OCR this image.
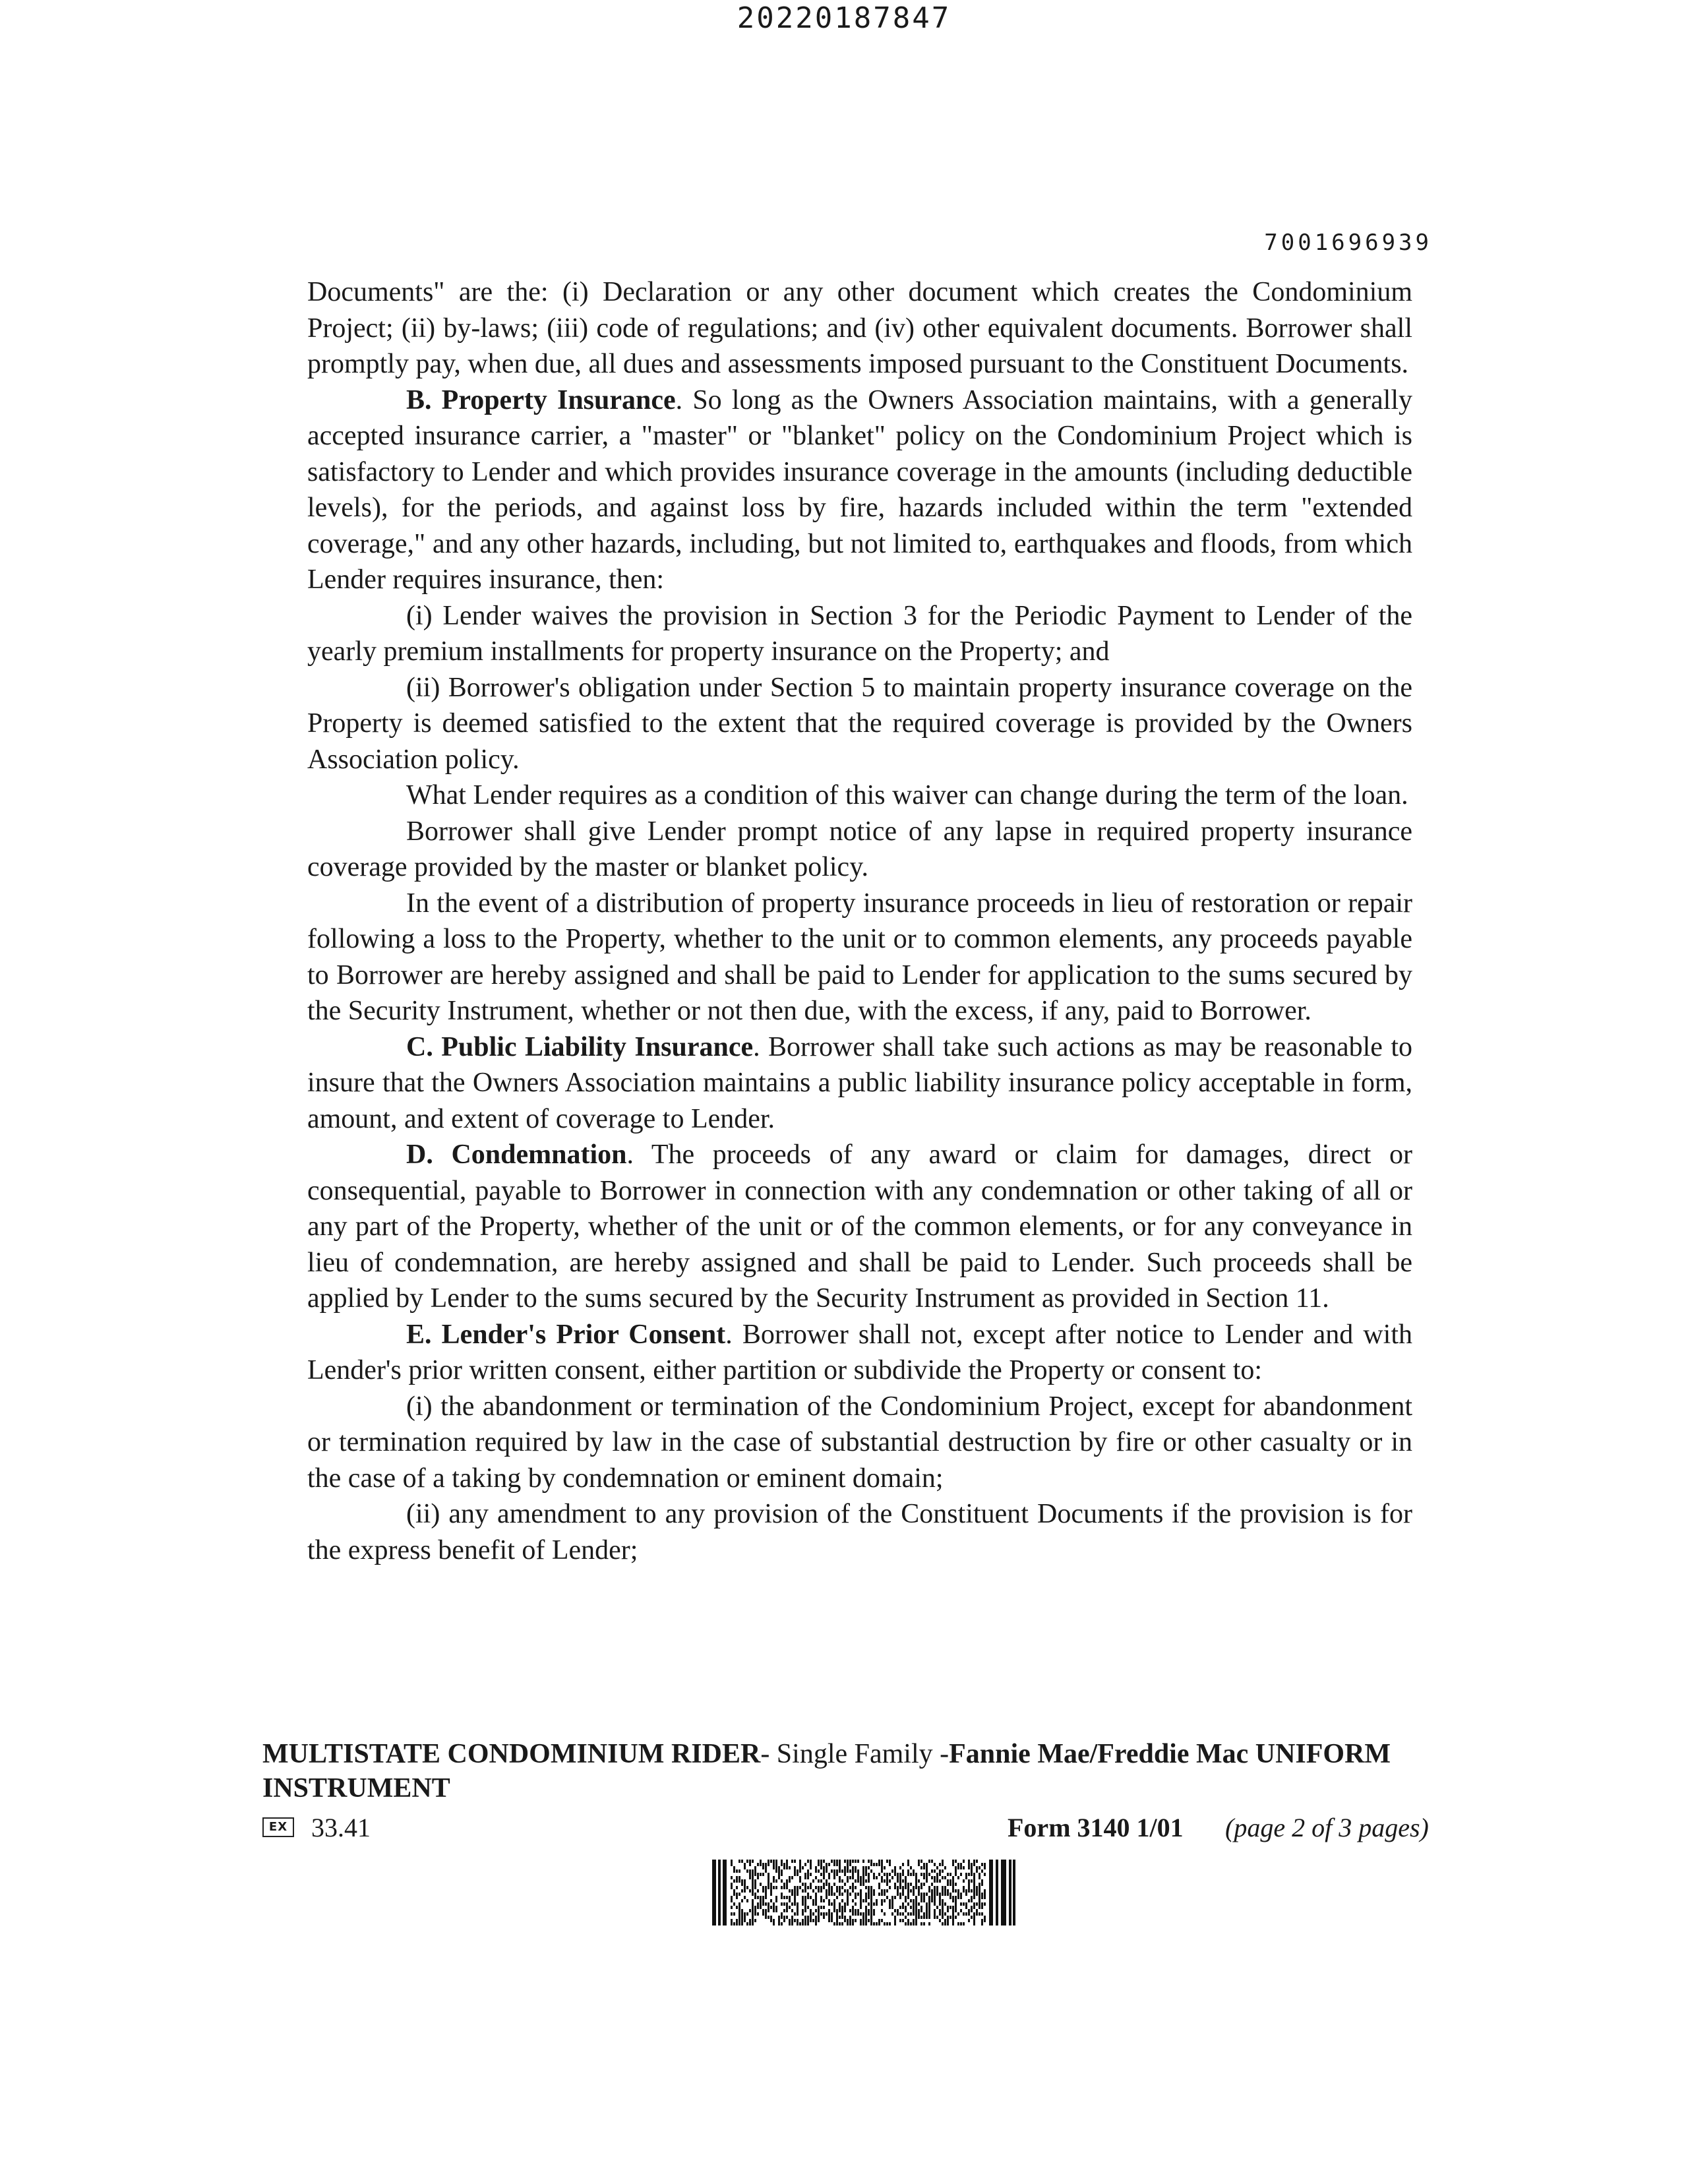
20220187847
7001696939

Documents" are the: (i) Declaration or any other document which creates the Condominium Project; (ii) by-laws; (iii) code of regulations; and (iv) other equivalent documents. Borrower shall promptly pay, when due, all dues and assessments imposed pursuant to the Constituent Documents.

B. Property Insurance. So long as the Owners Association maintains, with a generally accepted insurance carrier, a "master" or "blanket" policy on the Condominium Project which is satisfactory to Lender and which provides insurance coverage in the amounts (including deductible levels), for the periods, and against loss by fire, hazards included within the term "extended coverage," and any other hazards, including, but not limited to, earthquakes and floods, from which Lender requires insurance, then:

(i) Lender waives the provision in Section 3 for the Periodic Payment to Lender of the yearly premium installments for property insurance on the Property; and

(ii) Borrower's obligation under Section 5 to maintain property insurance coverage on the Property is deemed satisfied to the extent that the required coverage is provided by the Owners Association policy.

What Lender requires as a condition of this waiver can change during the term of the loan.

Borrower shall give Lender prompt notice of any lapse in required property insurance coverage provided by the master or blanket policy.

In the event of a distribution of property insurance proceeds in lieu of restoration or repair following a loss to the Property, whether to the unit or to common elements, any proceeds payable to Borrower are hereby assigned and shall be paid to Lender for application to the sums secured by the Security Instrument, whether or not then due, with the excess, if any, paid to Borrower.

C. Public Liability Insurance. Borrower shall take such actions as may be reasonable to insure that the Owners Association maintains a public liability insurance policy acceptable in form, amount, and extent of coverage to Lender.

D. Condemnation. The proceeds of any award or claim for damages, direct or consequential, payable to Borrower in connection with any condemnation or other taking of all or any part of the Property, whether of the unit or of the common elements, or for any conveyance in lieu of condemnation, are hereby assigned and shall be paid to Lender. Such proceeds shall be applied by Lender to the sums secured by the Security Instrument as provided in Section 11.

E. Lender's Prior Consent. Borrower shall not, except after notice to Lender and with Lender's prior written consent, either partition or subdivide the Property or consent to:

(i) the abandonment or termination of the Condominium Project, except for abandonment or termination required by law in the case of substantial destruction by fire or other casualty or in the case of a taking by condemnation or eminent domain;

(ii) any amendment to any provision of the Constituent Documents if the provision is for the express benefit of Lender;

MULTISTATE CONDOMINIUM RIDER- Single Family -Fannie Mae/Freddie Mac UNIFORM INSTRUMENT
EX 33.41	Form 3140 1/01 (page 2 of 3 pages)
